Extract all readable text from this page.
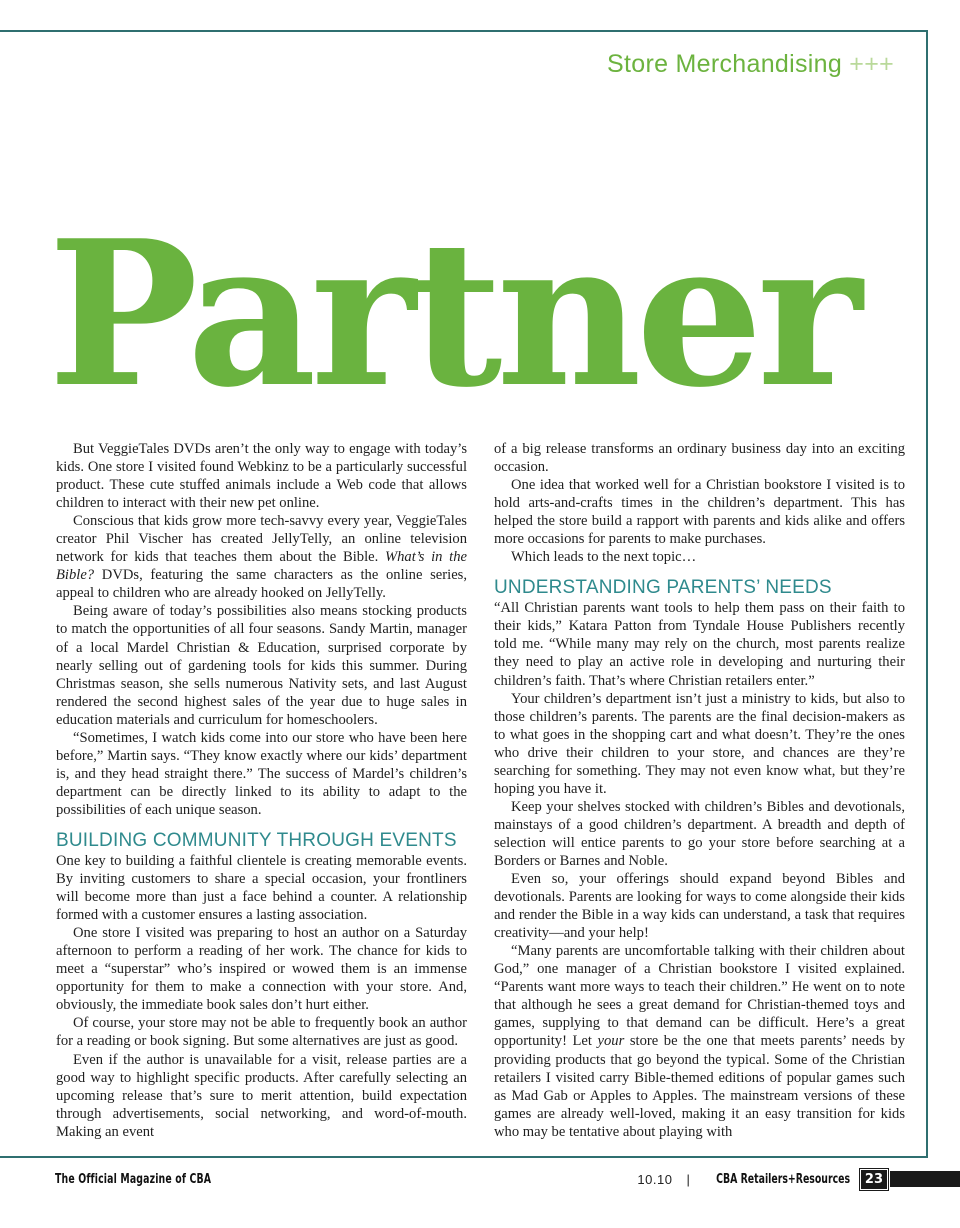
Store Merchandising +++
Partner

But VeggieTales DVDs aren’t the only way to engage with today’s kids. One store I visited found Webkinz to be a particularly successful product. These cute stuffed animals include a Web code that allows children to interact with their new pet online.

Conscious that kids grow more tech-savvy every year, VeggieTales creator Phil Vischer has created JellyTelly, an online television network for kids that teaches them about the Bible. What’s in the Bible? DVDs, featuring the same characters as the online series, appeal to children who are already hooked on JellyTelly.

Being aware of today’s possibilities also means stocking products to match the opportunities of all four seasons. Sandy Martin, manager of a local Mardel Christian & Education, surprised corporate by nearly selling out of gardening tools for kids this summer. During Christmas season, she sells numerous Nativity sets, and last August rendered the second highest sales of the year due to huge sales in education materials and curriculum for homeschoolers.

“Sometimes, I watch kids come into our store who have been here before,” Martin says. “They know exactly where our kids’ department is, and they head straight there.” The success of Mardel’s children’s department can be directly linked to its ability to adapt to the possibilities of each unique season.

BUILDING COMMUNITY THROUGH EVENTS

One key to building a faithful clientele is creating memorable events. By inviting customers to share a special occasion, your frontliners will become more than just a face behind a counter. A relationship formed with a customer ensures a lasting association.

One store I visited was preparing to host an author on a Saturday afternoon to perform a reading of her work. The chance for kids to meet a “superstar” who’s inspired or wowed them is an immense opportunity for them to make a connection with your store. And, obviously, the immediate book sales don’t hurt either.

Of course, your store may not be able to frequently book an author for a reading or book signing. But some alternatives are just as good.

Even if the author is unavailable for a visit, release parties are a good way to highlight specific products. After carefully selecting an upcoming release that’s sure to merit attention, build expectation through advertisements, social networking, and word-of-mouth. Making an event

of a big release transforms an ordinary business day into an exciting occasion.

One idea that worked well for a Christian bookstore I visited is to hold arts-and-crafts times in the children’s department. This has helped the store build a rapport with parents and kids alike and offers more occasions for parents to make purchases.

Which leads to the next topic…

UNDERSTANDING PARENTS’ NEEDS

“All Christian parents want tools to help them pass on their faith to their kids,” Katara Patton from Tyndale House Publishers recently told me. “While many may rely on the church, most parents realize they need to play an active role in developing and nurturing their children’s faith. That’s where Christian retailers enter.”

Your children’s department isn’t just a ministry to kids, but also to those children’s parents. The parents are the final decision-makers as to what goes in the shopping cart and what doesn’t. They’re the ones who drive their children to your store, and chances are they’re searching for something. They may not even know what, but they’re hoping you have it.

Keep your shelves stocked with children’s Bibles and devotionals, mainstays of a good children’s department. A breadth and depth of selection will entice parents to go your store before searching at a Borders or Barnes and Noble.

Even so, your offerings should expand beyond Bibles and devotionals. Parents are looking for ways to come alongside their kids and render the Bible in a way kids can understand, a task that requires creativity—and your help!

“Many parents are uncomfortable talking with their children about God,” one manager of a Christian bookstore I visited explained. “Parents want more ways to teach their children.” He went on to note that although he sees a great demand for Christian-themed toys and games, supplying to that demand can be difficult. Here’s a great opportunity! Let your store be the one that meets parents’ needs by providing products that go beyond the typical. Some of the Christian retailers I visited carry Bible-themed editions of popular games such as Mad Gab or Apples to Apples. The mainstream versions of these games are already well-loved, making it an easy transition for kids who may be tentative about playing with

The Official Magazine of CBA	10.10 | CBA Retailers+Resources	23
